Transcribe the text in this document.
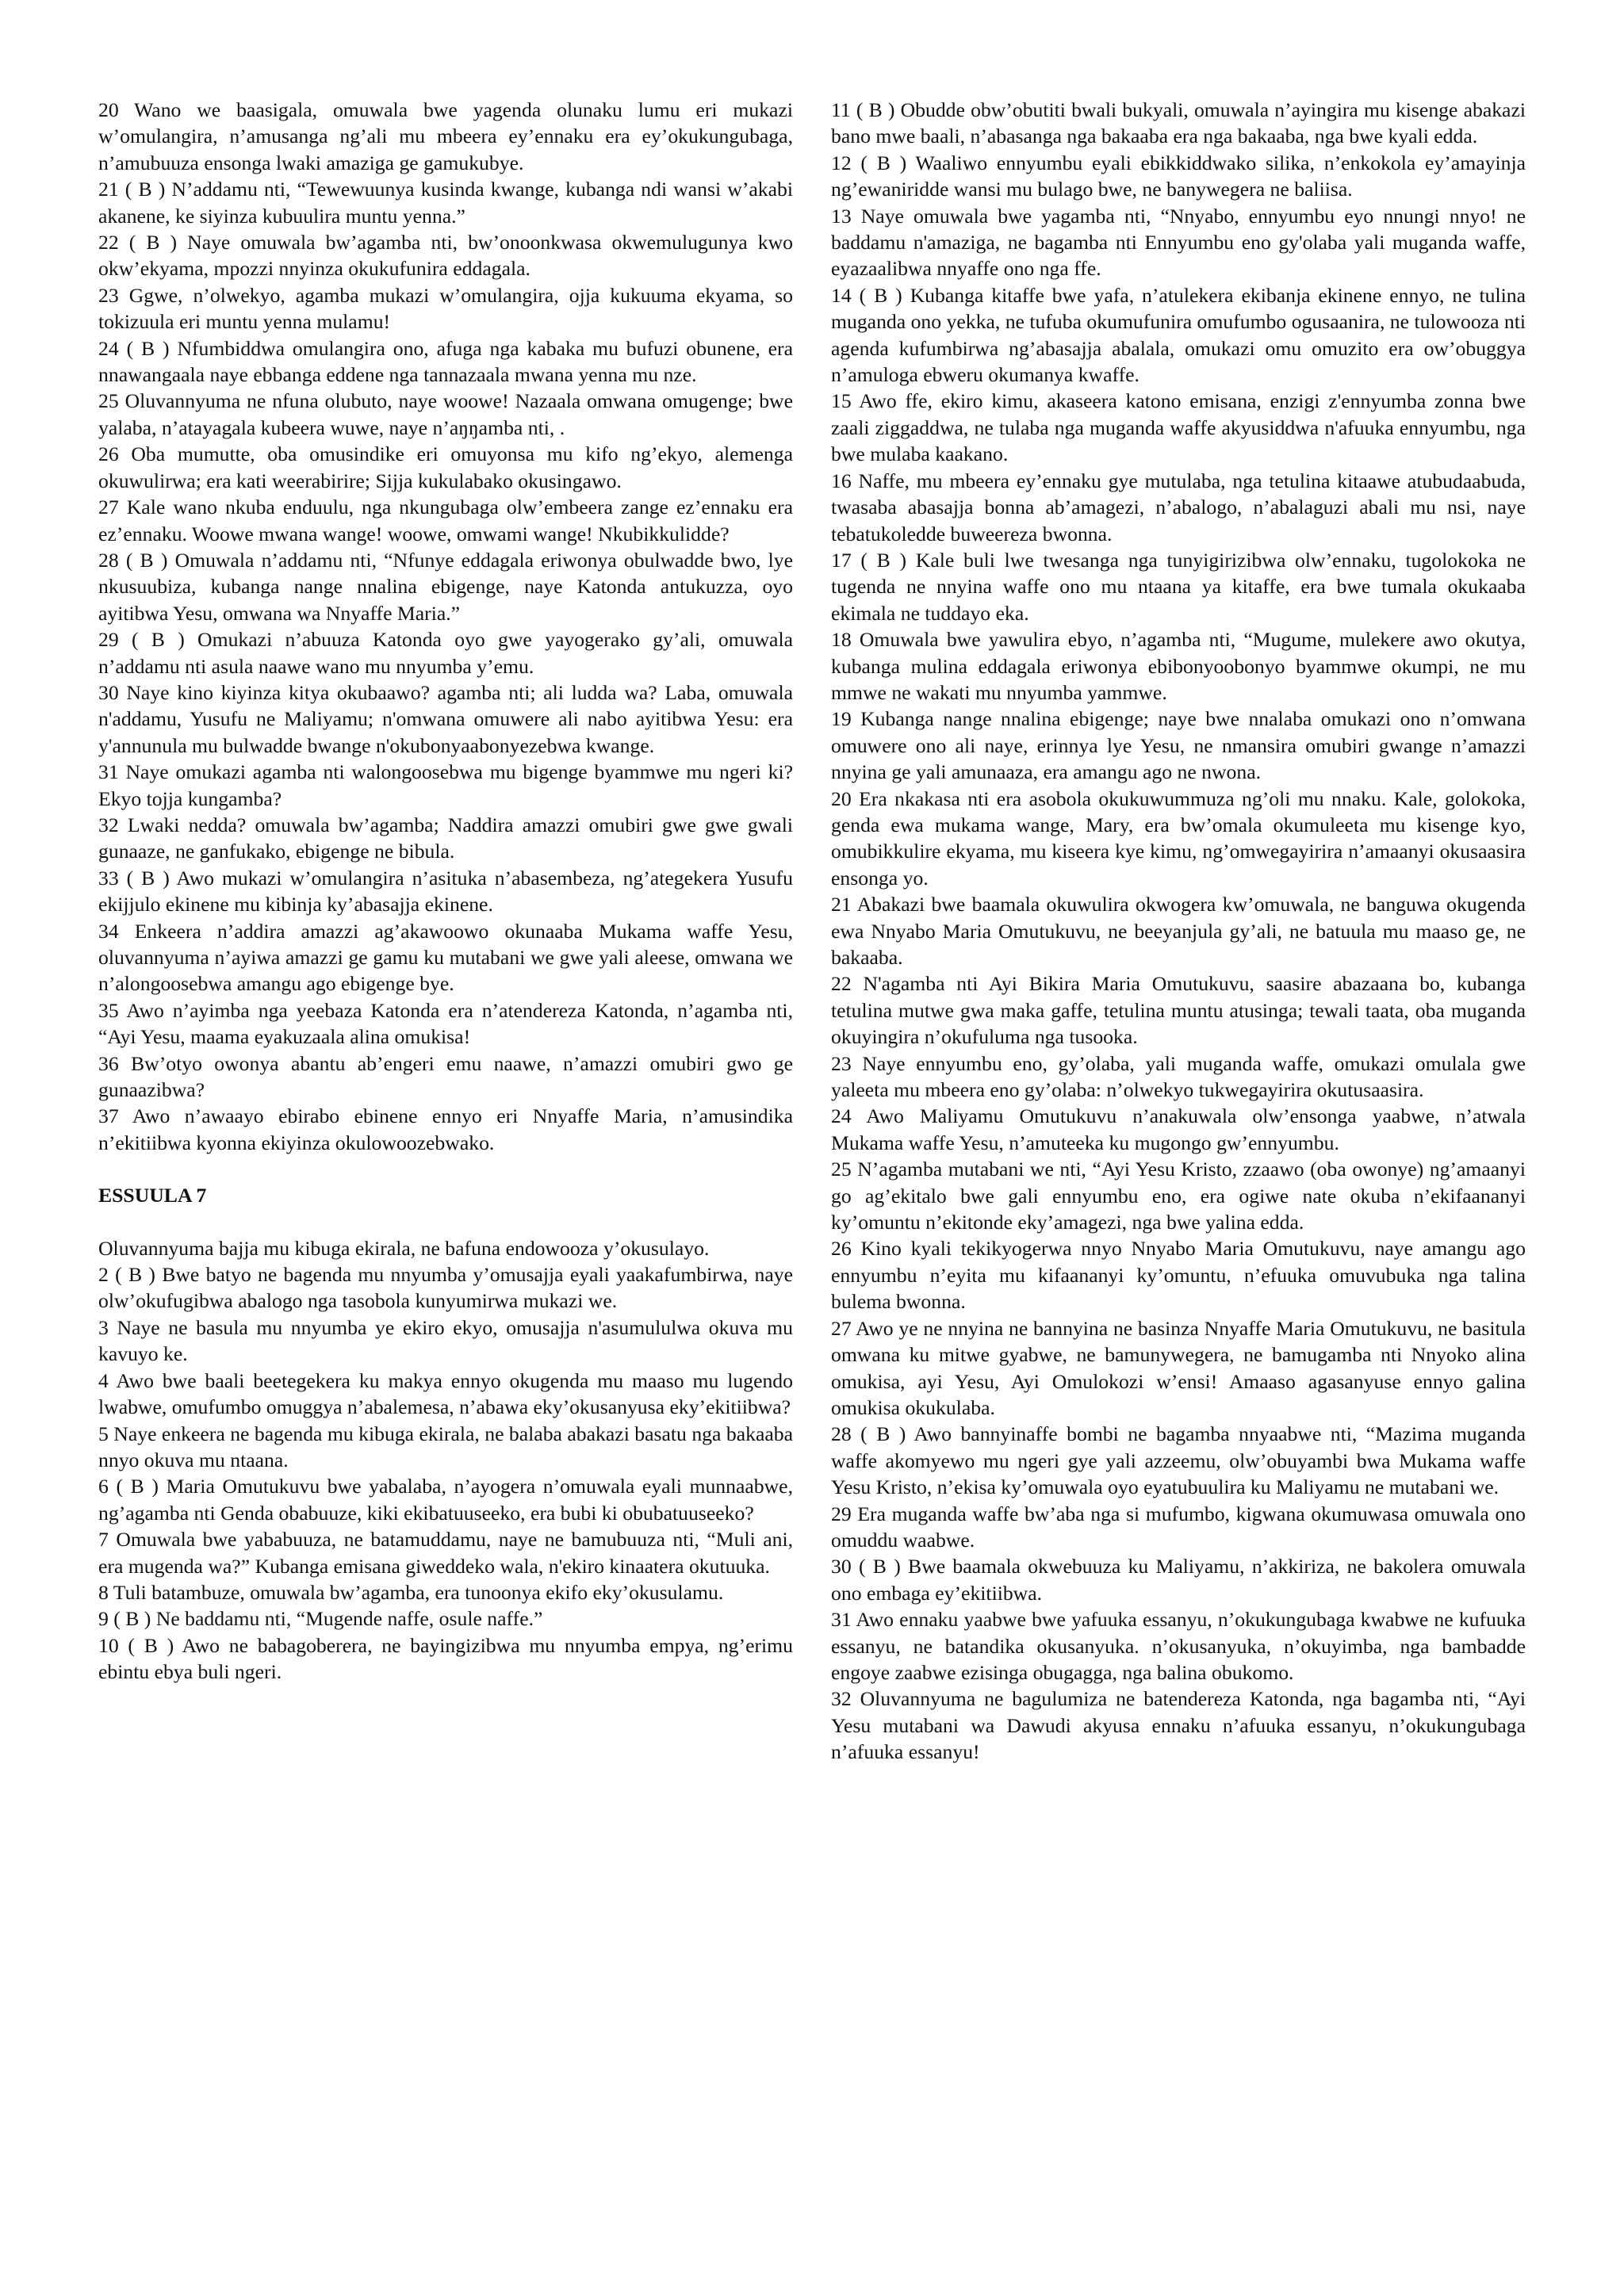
20 Wano we baasigala, omuwala bwe yagenda olunaku lumu eri mukazi w’omulangira, n’amusanga ng’ali mu mbeera ey’ennaku era ey’okukungubaga, n’amubuuza ensonga lwaki amaziga ge gamukubye.

21 ( B ) N’addamu nti, “Tewewuunya kusinda kwange, kubanga ndi wansi w’akabi akanene, ke siyinza kubuulira muntu yenna.”

22 ( B ) Naye omuwala bw’agamba nti, bw’onoonkwasa okwemulugunya kwo okw’ekyama, mpozzi nnyinza okukufunira eddagala.

23 Ggwe, n’olwekyo, agamba mukazi w’omulangira, ojja kukuuma ekyama, so tokizuula eri muntu yenna mulamu!

24 ( B ) Nfumbiddwa omulangira ono, afuga nga kabaka mu bufuzi obunene, era nnawangaala naye ebbanga eddene nga tannazaala mwana yenna mu nze.

25 Oluvannyuma ne nfuna olubuto, naye woowe! Nazaala omwana omugenge; bwe yalaba, n’atayagala kubeera wuwe, naye n’aŋŋamba nti, .

26 Oba mumutte, oba omusindike eri omuyonsa mu kifo ng’ekyo, alemenga okuwulirwa; era kati weerabirire; Sijja kukulabako okusingawo.

27 Kale wano nkuba enduulu, nga nkungubaga olw’embeera zange ez’ennaku era ez’ennaku. Woowe mwana wange! woowe, omwami wange! Nkubikkulidde?

28 ( B ) Omuwala n’addamu nti, “Nfunye eddagala eriwonya obulwadde bwo, lye nkusuubiza, kubanga nange nnalina ebigenge, naye Katonda antukuzza, oyo ayitibwa Yesu, omwana wa Nnyaffe Maria.”

29 ( B ) Omukazi n’abuuza Katonda oyo gwe yayogerako gy’ali, omuwala n’addamu nti asula naawe wano mu nnyumba y’emu.

30 Naye kino kiyinza kitya okubaawo? agamba nti; ali ludda wa? Laba, omuwala n'addamu, Yusufu ne Maliyamu; n'omwana omuwere ali nabo ayitibwa Yesu: era y'annunula mu bulwadde bwange n'okubonyaabonyezebwa kwange.

31 Naye omukazi agamba nti walongoosebwa mu bigenge byammwe mu ngeri ki? Ekyo tojja kungamba?

32 Lwaki nedda? omuwala bw’agamba; Naddira amazzi omubiri gwe gwe gwali gunaaze, ne ganfukako, ebigenge ne bibula.

33 ( B ) Awo mukazi w’omulangira n’asituka n’abasembeza, ng’ategekera Yusufu ekijjulo ekinene mu kibinja ky’abasajja ekinene.

34 Enkeera n’addira amazzi ag’akawoowo okunaaba Mukama waffe Yesu, oluvannyuma n’ayiwa amazzi ge gamu ku mutabani we gwe yali aleese, omwana we n’alongoosebwa amangu ago ebigenge bye.

35 Awo n’ayimba nga yeebaza Katonda era n’atendereza Katonda, n’agamba nti, “Ayi Yesu, maama eyakuzaala alina omukisa!

36 Bw’otyo owonya abantu ab’engeri emu naawe, n’amazzi omubiri gwo ge gunaazibwa?

37 Awo n’awaayo ebirabo ebinene ennyo eri Nnyaffe Maria, n’amusindika n’ekitiibwa kyonna ekiyinza okulowoozebwako.

ESSUULA 7

Oluvannyuma bajja mu kibuga ekirala, ne bafuna endowooza y’okusulayo.

2 ( B ) Bwe batyo ne bagenda mu nnyumba y’omusajja eyali yaakafumbirwa, naye olw’okufugibwa abalogo nga tasobola kunyumirwa mukazi we.

3 Naye ne basula mu nnyumba ye ekiro ekyo, omusajja n'asumululwa okuva mu kavuyo ke.

4 Awo bwe baali beetegekera ku makya ennyo okugenda mu maaso mu lugendo lwabwe, omufumbo omuggya n’abalemesa, n’abawa eky’okusanyusa eky’ekitiibwa?

5 Naye enkeera ne bagenda mu kibuga ekirala, ne balaba abakazi basatu nga bakaaba nnyo okuva mu ntaana.

6 ( B ) Maria Omutukuvu bwe yabalaba, n’ayogera n’omuwala eyali munnaabwe, ng’agamba nti Genda obabuuze, kiki ekibatuuseeko, era bubi ki obubatuuseeko?

7 Omuwala bwe yababuuza, ne batamuddamu, naye ne bamubuuza nti, “Muli ani, era mugenda wa?” Kubanga emisana giweddeko wala, n'ekiro kinaatera okutuuka.

8 Tuli batambuze, omuwala bw’agamba, era tunoonya ekifo eky’okusulamu.

9 ( B ) Ne baddamu nti, “Mugende naffe, osule naffe.”

10 ( B ) Awo ne babagoberera, ne bayingizibwa mu nnyumba empya, ng’erimu ebintu ebya buli ngeri.

11 ( B ) Obudde obw’obutiti bwali bukyali, omuwala n’ayingira mu kisenge abakazi bano mwe baali, n’abasanga nga bakaaba era nga bakaaba, nga bwe kyali edda.

12 ( B ) Waaliwo ennyumbu eyali ebikkiddwako silika, n’enkokola ey’amayinja ng’ewaniridde wansi mu bulago bwe, ne banywegera ne baliisa.

13 Naye omuwala bwe yagamba nti, “Nnyabo, ennyumbu eyo nnungi nnyo! ne baddamu n'amaziga, ne bagamba nti Ennyumbu eno gy'olaba yali muganda waffe, eyazaalibwa nnyaffe ono nga ffe.

14 ( B ) Kubanga kitaffe bwe yafa, n’atulekera ekibanja ekinene ennyo, ne tulina muganda ono yekka, ne tufuba okumufunira omufumbo ogusaanira, ne tulowooza nti agenda kufumbirwa ng’abasajja abalala, omukazi omu omuzito era ow’obuggya n’amuloga ebweru okumanya kwaffe.

15 Awo ffe, ekiro kimu, akaseera katono emisana, enzigi z'ennyumba zonna bwe zaali ziggaddwa, ne tulaba nga muganda waffe akyusiddwa n'afuuka ennyumbu, nga bwe mulaba kaakano.

16 Naffe, mu mbeera ey’ennaku gye mutulaba, nga tetulina kitaawe atubudaabuda, twasaba abasajja bonna ab’amagezi, n’abalogo, n’abalaguzi abali mu nsi, naye tebatukoledde buweereza bwonna.

17 ( B ) Kale buli lwe twesanga nga tunyigirizibwa olw’ennaku, tugolokoka ne tugenda ne nnyina waffe ono mu ntaana ya kitaffe, era bwe tumala okukaaba ekimala ne tuddayo eka.

18 Omuwala bwe yawulira ebyo, n’agamba nti, “Mugume, mulekere awo okutya, kubanga mulina eddagala eriwonya ebibonyoobonyo byammwe okumpi, ne mu mmwe ne wakati mu nnyumba yammwe.

19 Kubanga nange nnalina ebigenge; naye bwe nnalaba omukazi ono n’omwana omuwere ono ali naye, erinnya lye Yesu, ne nmansira omubiri gwange n’amazzi nnyina ge yali amunaaza, era amangu ago ne nwona.

20 Era nkakasa nti era asobola okukuwummuza ng’oli mu nnaku. Kale, golokoka, genda ewa mukama wange, Mary, era bw’omala okumuleeta mu kisenge kyo, omubikkulire ekyama, mu kiseera kye kimu, ng’omwegayirira n’amaanyi okusaasira ensonga yo.

21 Abakazi bwe baamala okuwulira okwogera kw’omuwala, ne banguwa okugenda ewa Nnyabo Maria Omutukuvu, ne beeyanjula gy’ali, ne batuula mu maaso ge, ne bakaaba.

22 N'agamba nti Ayi Bikira Maria Omutukuvu, saasire abazaana bo, kubanga tetulina mutwe gwa maka gaffe, tetulina muntu atusinga; tewali taata, oba muganda okuyingira n’okufuluma nga tusooka.

23 Naye ennyumbu eno, gy’olaba, yali muganda waffe, omukazi omulala gwe yaleeta mu mbeera eno gy’olaba: n’olwekyo tukwegayirira okutusaasira.

24 Awo Maliyamu Omutukuvu n’anakuwala olw’ensonga yaabwe, n’atwala Mukama waffe Yesu, n’amuteeka ku mugongo gw’ennyumbu.

25 N’agamba mutabani we nti, “Ayi Yesu Kristo, zzaawo (oba owonye) ng’amaanyi go ag’ekitalo bwe gali ennyumbu eno, era ogiwe nate okuba n’ekifaananyi ky’omuntu n’ekitonde eky’amagezi, nga bwe yalina edda.

26 Kino kyali tekikyogerwa nnyo Nnyabo Maria Omutukuvu, naye amangu ago ennyumbu n’eyita mu kifaananyi ky’omuntu, n’efuuka omuvubuka nga talina bulema bwonna.

27 Awo ye ne nnyina ne bannyina ne basinza Nnyaffe Maria Omutukuvu, ne basitula omwana ku mitwe gyabwe, ne bamunywegera, ne bamugamba nti Nnyoko alina omukisa, ayi Yesu, Ayi Omulokozi w’ensi! Amaaso agasanyuse ennyo galina omukisa okukulaba.

28 ( B ) Awo bannyinaffe bombi ne bagamba nnyaabwe nti, “Mazima muganda waffe akomyewo mu ngeri gye yali azzeemu, olw’obuyambi bwa Mukama waffe Yesu Kristo, n’ekisa ky’omuwala oyo eyatubuulira ku Maliyamu ne mutabani we.

29 Era muganda waffe bw’aba nga si mufumbo, kigwana okumuwasa omuwala ono omuddu waabwe.

30 ( B ) Bwe baamala okwebuuza ku Maliyamu, n’akkiriza, ne bakolera omuwala ono embaga ey’ekitiibwa.

31 Awo ennaku yaabwe bwe yafuuka essanyu, n’okukungubaga kwabwe ne kufuuka essanyu, ne batandika okusanyuka. n’okusanyuka, n’okuyimba, nga bambadde engoye zaabwe ezisinga obugagga, nga balina obukomo.

32 Oluvannyuma ne bagulumiza ne batendereza Katonda, nga bagamba nti, “Ayi Yesu mutabani wa Dawudi akyusa ennaku n’afuuka essanyu, n’okukungubaga n’afuuka essanyu!
